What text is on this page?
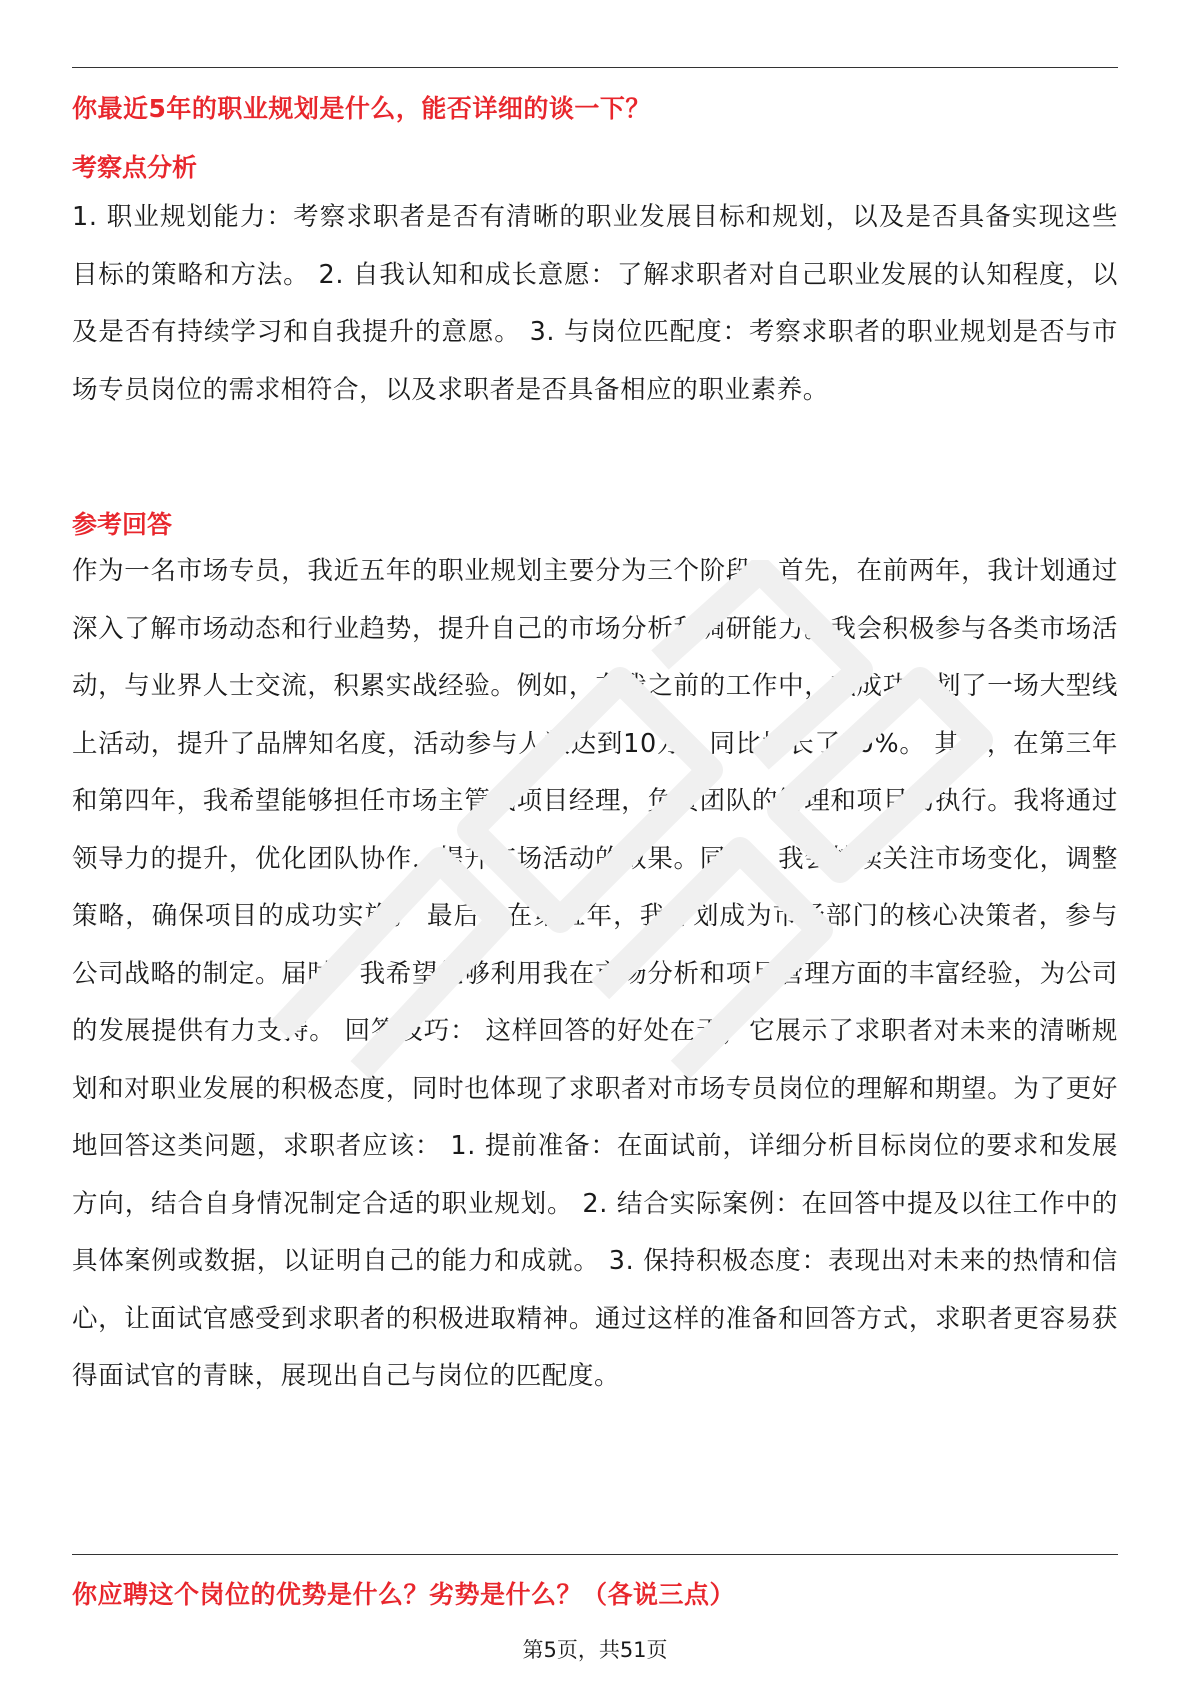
你最近5年的职业规划是什么，能否详细的谈一下？
考察点分析
1. 职业规划能力：考察求职者是否有清晰的职业发展目标和规划，以及是否具备实现这些目标的策略和方法。 2. 自我认知和成长意愿：了解求职者对自己职业发展的认知程度，以及是否有持续学习和自我提升的意愿。 3. 与岗位匹配度：考察求职者的职业规划是否与市场专员岗位的需求相符合，以及求职者是否具备相应的职业素养。
参考回答
作为一名市场专员，我近五年的职业规划主要分为三个阶段。首先，在前两年，我计划通过深入了解市场动态和行业趋势，提升自己的市场分析和调研能力。我会积极参与各类市场活动，与业界人士交流，积累实战经验。例如，在我之前的工作中，我成功策划了一场大型线上活动，提升了品牌知名度，活动参与人数达到10万，同比增长了30%。 其次，在第三年和第四年，我希望能够担任市场主管或项目经理，负责团队的管理和项目的执行。我将通过领导力的提升，优化团队协作，提升市场活动的效果。同时，我会持续关注市场变化，调整策略，确保项目的成功实施。 最后，在第五年，我计划成为市场部门的核心决策者，参与公司战略的制定。届时，我希望能够利用我在市场分析和项目管理方面的丰富经验，为公司的发展提供有力支持。 回答技巧： 这样回答的好处在于，它展示了求职者对未来的清晰规划和对职业发展的积极态度，同时也体现了求职者对市场专员岗位的理解和期望。为了更好地回答这类问题，求职者应该： 1. 提前准备：在面试前，详细分析目标岗位的要求和发展方向，结合自身情况制定合适的职业规划。 2. 结合实际案例：在回答中提及以往工作中的具体案例或数据，以证明自己的能力和成就。 3. 保持积极态度：表现出对未来的热情和信心，让面试官感受到求职者的积极进取精神。通过这样的准备和回答方式，求职者更容易获得面试官的青睐，展现出自己与岗位的匹配度。
你应聘这个岗位的优势是什么？劣势是什么？（各说三点）
第5页，共51页
